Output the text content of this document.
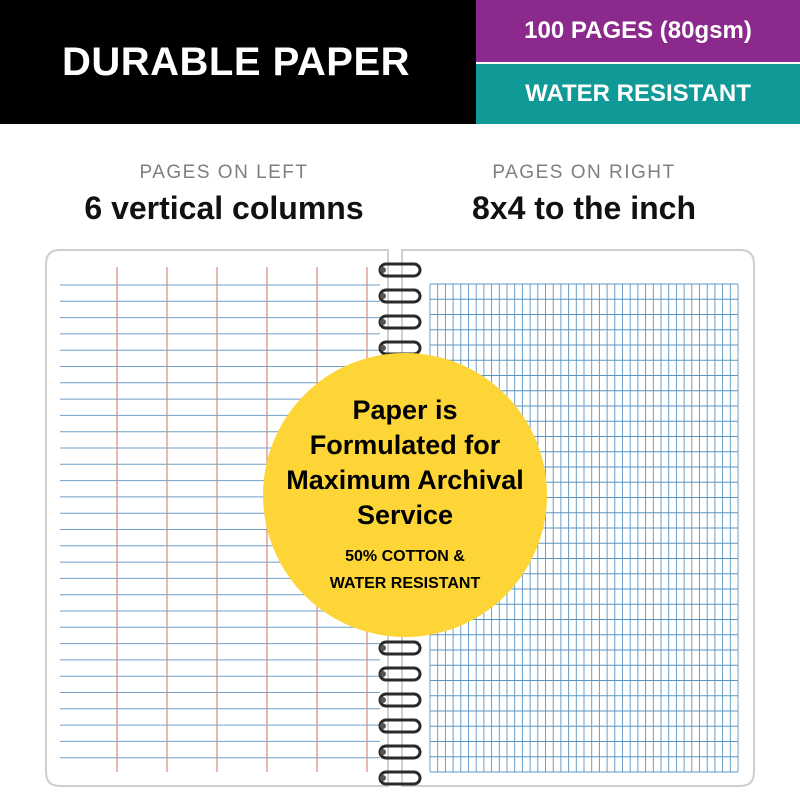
DURABLE PAPER
100 PAGES (80gsm)
WATER RESISTANT
PAGES ON LEFT
6 vertical columns
PAGES ON RIGHT
8x4 to the inch
Paper is
Formulated for
Maximum Archival
Service
50% COTTON &
WATER RESISTANT
